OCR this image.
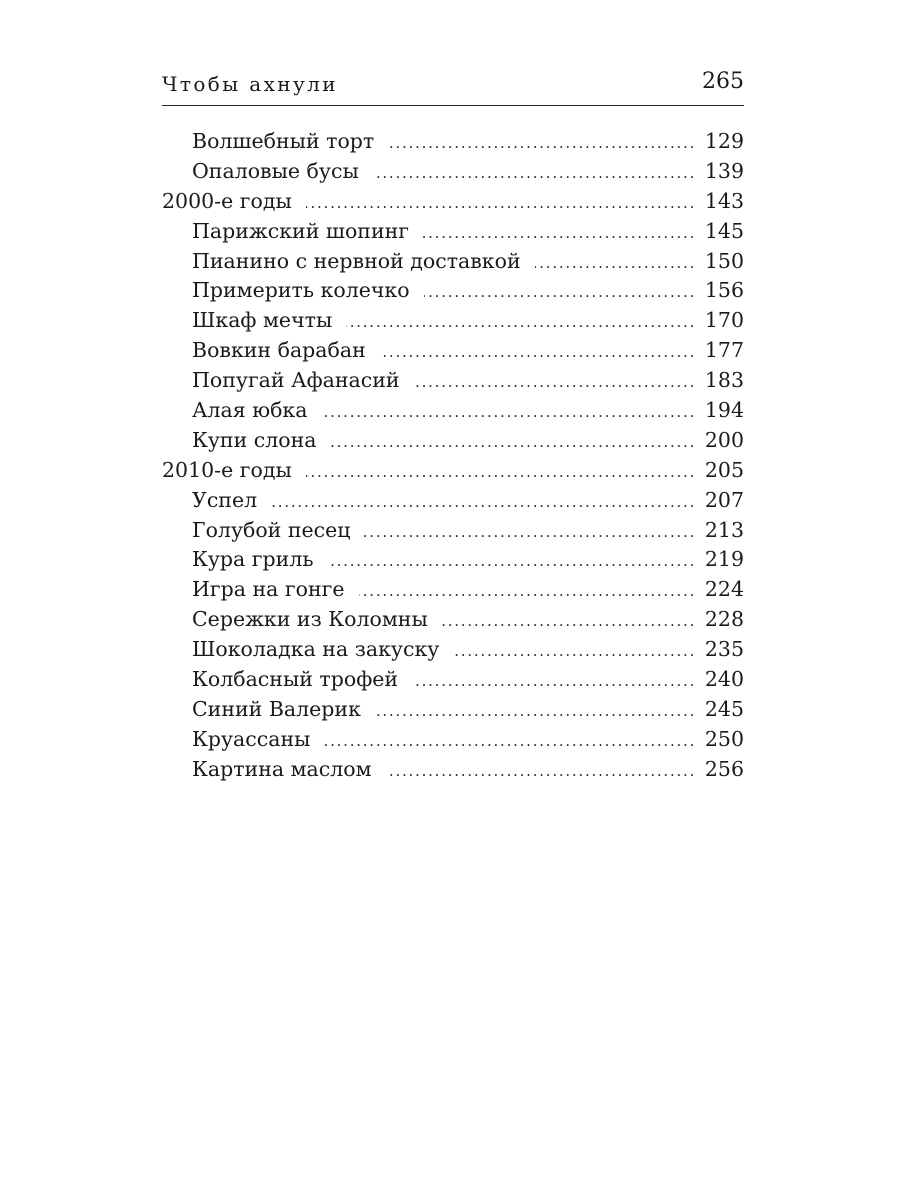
Чтобы ахнули	265
Волшебный торт . . .	129
Опаловые бусы . . .	139
2000-е годы . . .	143
Парижский шопинг . . .	145
Пианино с нервной доставкой . . .	150
Примерить колечко . . .	156
Шкаф мечты . . .	170
Вовкин барабан . . .	177
Попугай Афанасий . . .	183
Алая юбка . . .	194
Купи слона . . .	200
2010-е годы . . .	205
Успел . . .	207
Голубой песец . . .	213
Кура гриль . . .	219
Игра на гонге . . .	224
Сережки из Коломны . . .	228
Шоколадка на закуску . . .	235
Колбасный трофей . . .	240
Синий Валерик . . .	245
Круассаны . . .	250
Картина маслом . . .	256
